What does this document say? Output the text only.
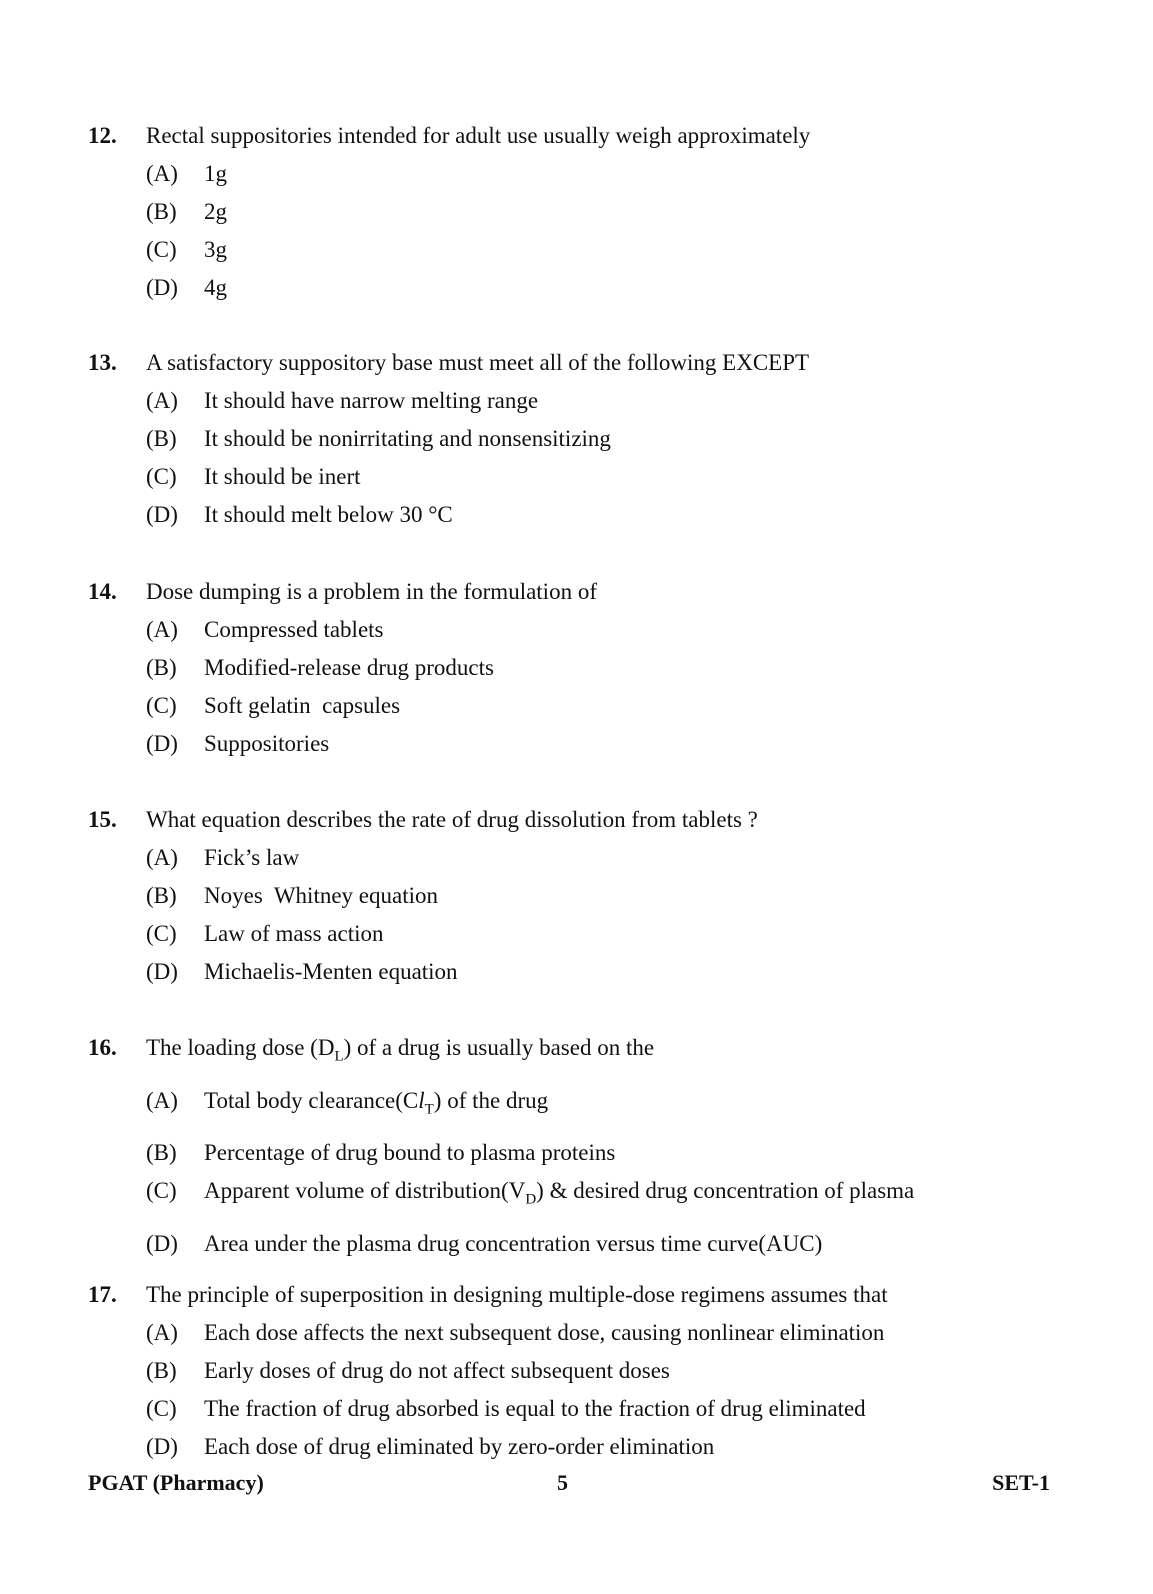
12.	Rectal suppositories intended for adult use usually weigh approximately
(A)	1g
(B)	2g
(C)	3g
(D)	4g
13.	A satisfactory suppository base must meet all of the following EXCEPT
(A)	It should have narrow melting range
(B)	It should be nonirritating and nonsensitizing
(C)	It should be inert
(D)	It should melt below 30 °C
14.	Dose dumping is a problem in the formulation of
(A)	Compressed tablets
(B)	Modified-release drug products
(C)	Soft gelatin  capsules
(D)	Suppositories
15.	What equation describes the rate of drug dissolution from tablets ?
(A)	Fick’s law
(B)	Noyes  Whitney equation
(C)	Law of mass action
(D)	Michaelis-Menten equation
16.	The loading dose $(D_L)$ of a drug is usually based on the
(A)	Total body $clearance(Cl_T)$ of the drug
(B)	Percentage of drug bound to plasma proteins
(C)	Apparent volume of $distribution(V_D)$ & desired drug concentration of plasma
(D)	Area under the plasma drug concentration versus time curve(AUC)
17.	The principle of superposition in designing multiple-dose regimens assumes that
(A)	Each dose affects the next subsequent dose, causing nonlinear elimination
(B)	Early doses of drug do not affect subsequent doses
(C)	The fraction of drug absorbed is equal to the fraction of drug eliminated
(D)	Each dose of drug eliminated by zero-order elimination
PGAT (Pharmacy)	5	SET-1
